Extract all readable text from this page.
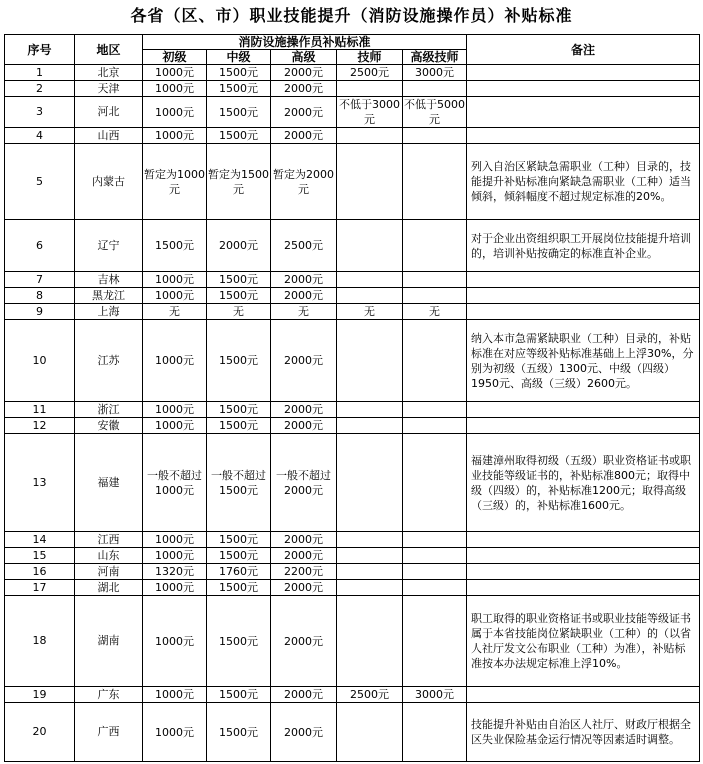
各省（区、市）职业技能提升（消防设施操作员）补贴标准
序号	地区	消防设施操作员补贴标准					备注
		初级	中级	高级	技师	高级技师	
1	北京	1000元	1500元	2000元	2500元	3000元	
2	天津	1000元	1500元	2000元			
3	河北	1000元	1500元	2000元	不低于3000元	不低于5000元	
4	山西	1000元	1500元	2000元			
5	内蒙古	暂定为1000元	暂定为1500元	暂定为2000元			列入自治区紧缺急需职业（工种）目录的，技能提升补贴标准向紧缺急需职业（工种）适当倾斜，倾斜幅度不超过规定标准的20%。
6	辽宁	1500元	2000元	2500元			对于企业出资组织职工开展岗位技能提升培训的，培训补贴按确定的标准直补企业。
7	吉林	1000元	1500元	2000元			
8	黑龙江	1000元	1500元	2000元			
9	上海	无	无	无	无	无	
10	江苏	1000元	1500元	2000元			纳入本市急需紧缺职业（工种）目录的，补贴标准在对应等级补贴标准基础上上浮30%，分别为初级（五级）1300元、中级（四级）1950元、高级（三级）2600元。
11	浙江	1000元	1500元	2000元			
12	安徽	1000元	1500元	2000元			
13	福建	一般不超过1000元	一般不超过1500元	一般不超过2000元			福建漳州取得初级（五级）职业资格证书或职业技能等级证书的，补贴标准800元；取得中级（四级）的，补贴标准1200元；取得高级（三级）的，补贴标准1600元。
14	江西	1000元	1500元	2000元			
15	山东	1000元	1500元	2000元			
16	河南	1320元	1760元	2200元			
17	湖北	1000元	1500元	2000元			
18	湖南	1000元	1500元	2000元			职工取得的职业资格证书或职业技能等级证书属于本省技能岗位紧缺职业（工种）的（以省人社厅发文公布职业（工种）为准），补贴标准按本办法规定标准上浮10%。
19	广东	1000元	1500元	2000元	2500元	3000元	
20	广西	1000元	1500元	2000元			技能提升补贴由自治区人社厅、财政厅根据全区失业保险基金运行情况等因素适时调整。
